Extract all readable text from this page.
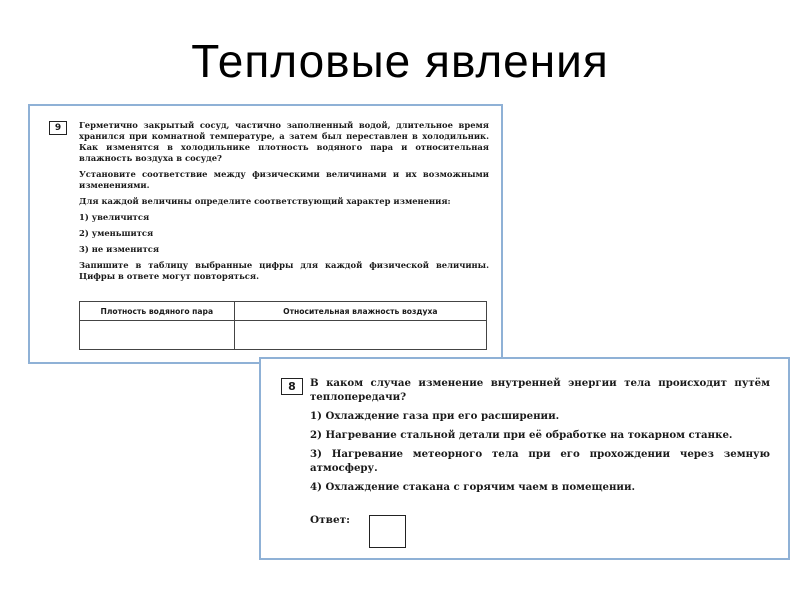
Тепловые явления
9	Герметично закрытый сосуд, частично заполненный водой, длительное время хранился при комнатной температуре, а затем был переставлен в холодильник. Как изменятся в холодильнике плотность водяного пара и относительная влажность воздуха в сосуде?

Установите соответствие между физическими величинами и их возможными изменениями.

Для каждой величины определите соответствующий характер изменения:

1) увеличится

2) уменьшится

3) не изменится

Запишите в таблицу выбранные цифры для каждой физической величины. Цифры в ответе могут повторяться.

Плотность водяного пара	Относительная влажность воздуха

8	В каком случае изменение внутренней энергии тела происходит путём теплопередачи?

1) Охлаждение газа при его расширении.

2) Нагревание стальной детали при её обработке на токарном станке.

3) Нагревание метеорного тела при его прохождении через земную атмосферу.

4) Охлаждение стакана с горячим чаем в помещении.

Ответ:
